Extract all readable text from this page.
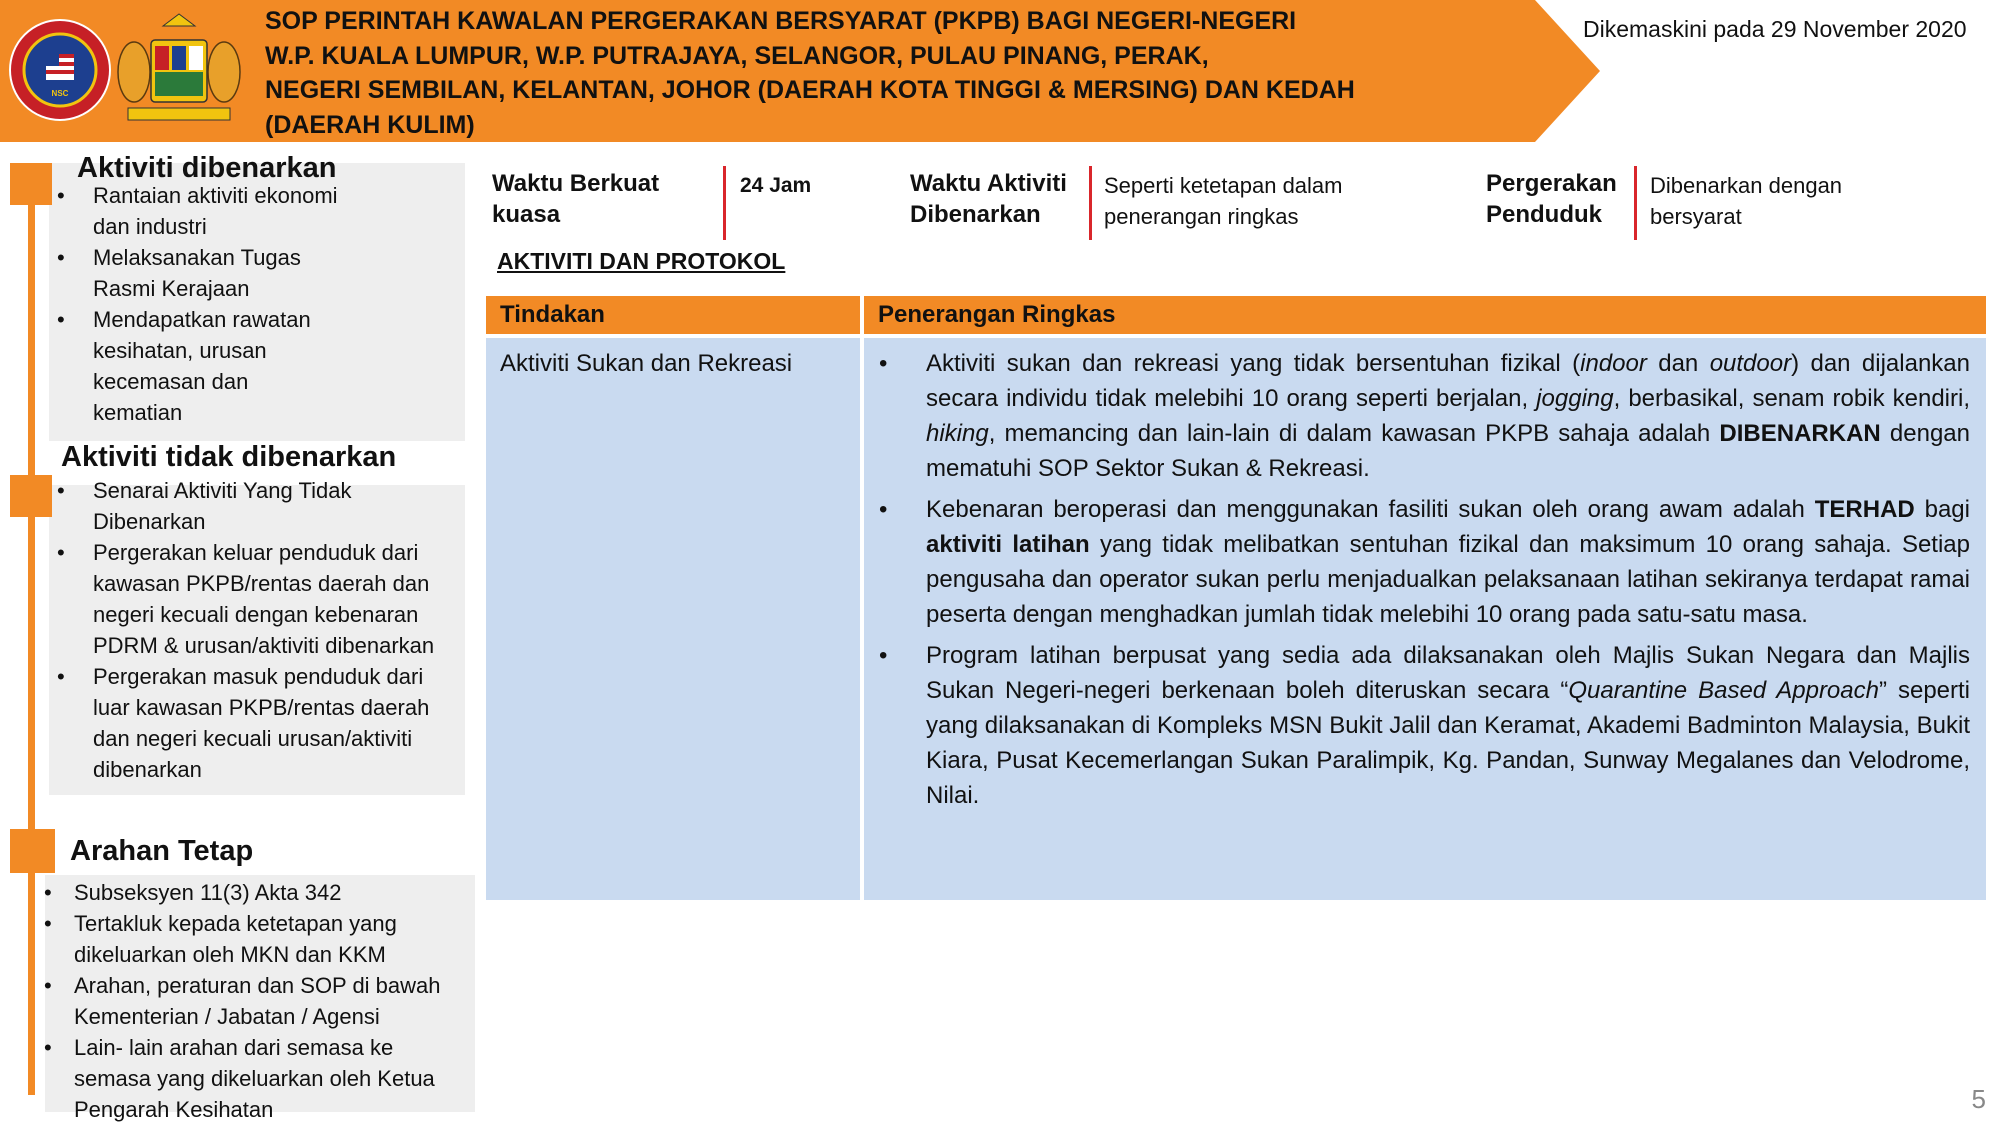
NSC
SOP PERINTAH KAWALAN PERGERAKAN BERSYARAT (PKPB) BAGI NEGERI-NEGERI
W.P. KUALA LUMPUR, W.P. PUTRAJAYA, SELANGOR, PULAU PINANG, PERAK,
NEGERI SEMBILAN, KELANTAN, JOHOR (DAERAH KOTA TINGGI & MERSING) DAN KEDAH
(DAERAH KULIM)
Dikemaskini pada 29 November 2020
Aktiviti dibenarkan
• Rantaian aktiviti ekonomi dan industri
• Melaksanakan Tugas Rasmi Kerajaan
• Mendapatkan rawatan kesihatan, urusan kecemasan dan kematian
Aktiviti tidak dibenarkan
• Senarai Aktiviti Yang Tidak Dibenarkan
• Pergerakan keluar penduduk dari kawasan PKPB/rentas daerah dan negeri kecuali dengan kebenaran PDRM & urusan/aktiviti dibenarkan
• Pergerakan masuk penduduk dari luar kawasan PKPB/rentas daerah dan negeri kecuali urusan/aktiviti dibenarkan
Arahan Tetap
• Subseksyen 11(3) Akta 342
• Tertakluk kepada ketetapan yang dikeluarkan oleh MKN dan KKM
• Arahan, peraturan dan SOP di bawah Kementerian / Jabatan / Agensi
• Lain- lain arahan dari semasa ke semasa yang dikeluarkan oleh Ketua Pengarah Kesihatan
Waktu Berkuat kuasa
24 Jam	Waktu Aktiviti Dibenarkan
Seperti ketetapan dalam penerangan ringkas
Pergerakan Penduduk
Dibenarkan dengan bersyarat
AKTIVITI DAN PROTOKOL
Tindakan	Penerangan Ringkas
Aktiviti Sukan dan Rekreasi
•	Aktiviti sukan dan rekreasi yang tidak bersentuhan fizikal (indoor dan outdoor) dan dijalankan secara individu tidak melebihi 10 orang seperti berjalan, jogging, berbasikal, senam robik kendiri, hiking, memancing dan lain-lain di dalam kawasan PKPB sahaja adalah DIBENARKAN dengan mematuhi SOP Sektor Sukan & Rekreasi.
• Kebenaran beroperasi dan menggunakan fasiliti sukan oleh orang awam adalah TERHAD bagi aktiviti latihan yang tidak melibatkan sentuhan fizikal dan maksimum 10 orang sahaja. Setiap pengusaha dan operator sukan perlu menjadualkan pelaksanaan latihan sekiranya terdapat ramai peserta dengan menghadkan jumlah tidak melebihi 10 orang pada satu-satu masa.
• Program latihan berpusat yang sedia ada dilaksanakan oleh Majlis Sukan Negara dan Majlis Sukan Negeri-negeri berkenaan boleh diteruskan secara “Quarantine Based Approach” seperti yang dilaksanakan di Kompleks MSN Bukit Jalil dan Keramat, Akademi Badminton Malaysia, Bukit Kiara, Pusat Kecemerlangan Sukan Paralimpik, Kg. Pandan, Sunway Megalanes dan Velodrome, Nilai.
5
